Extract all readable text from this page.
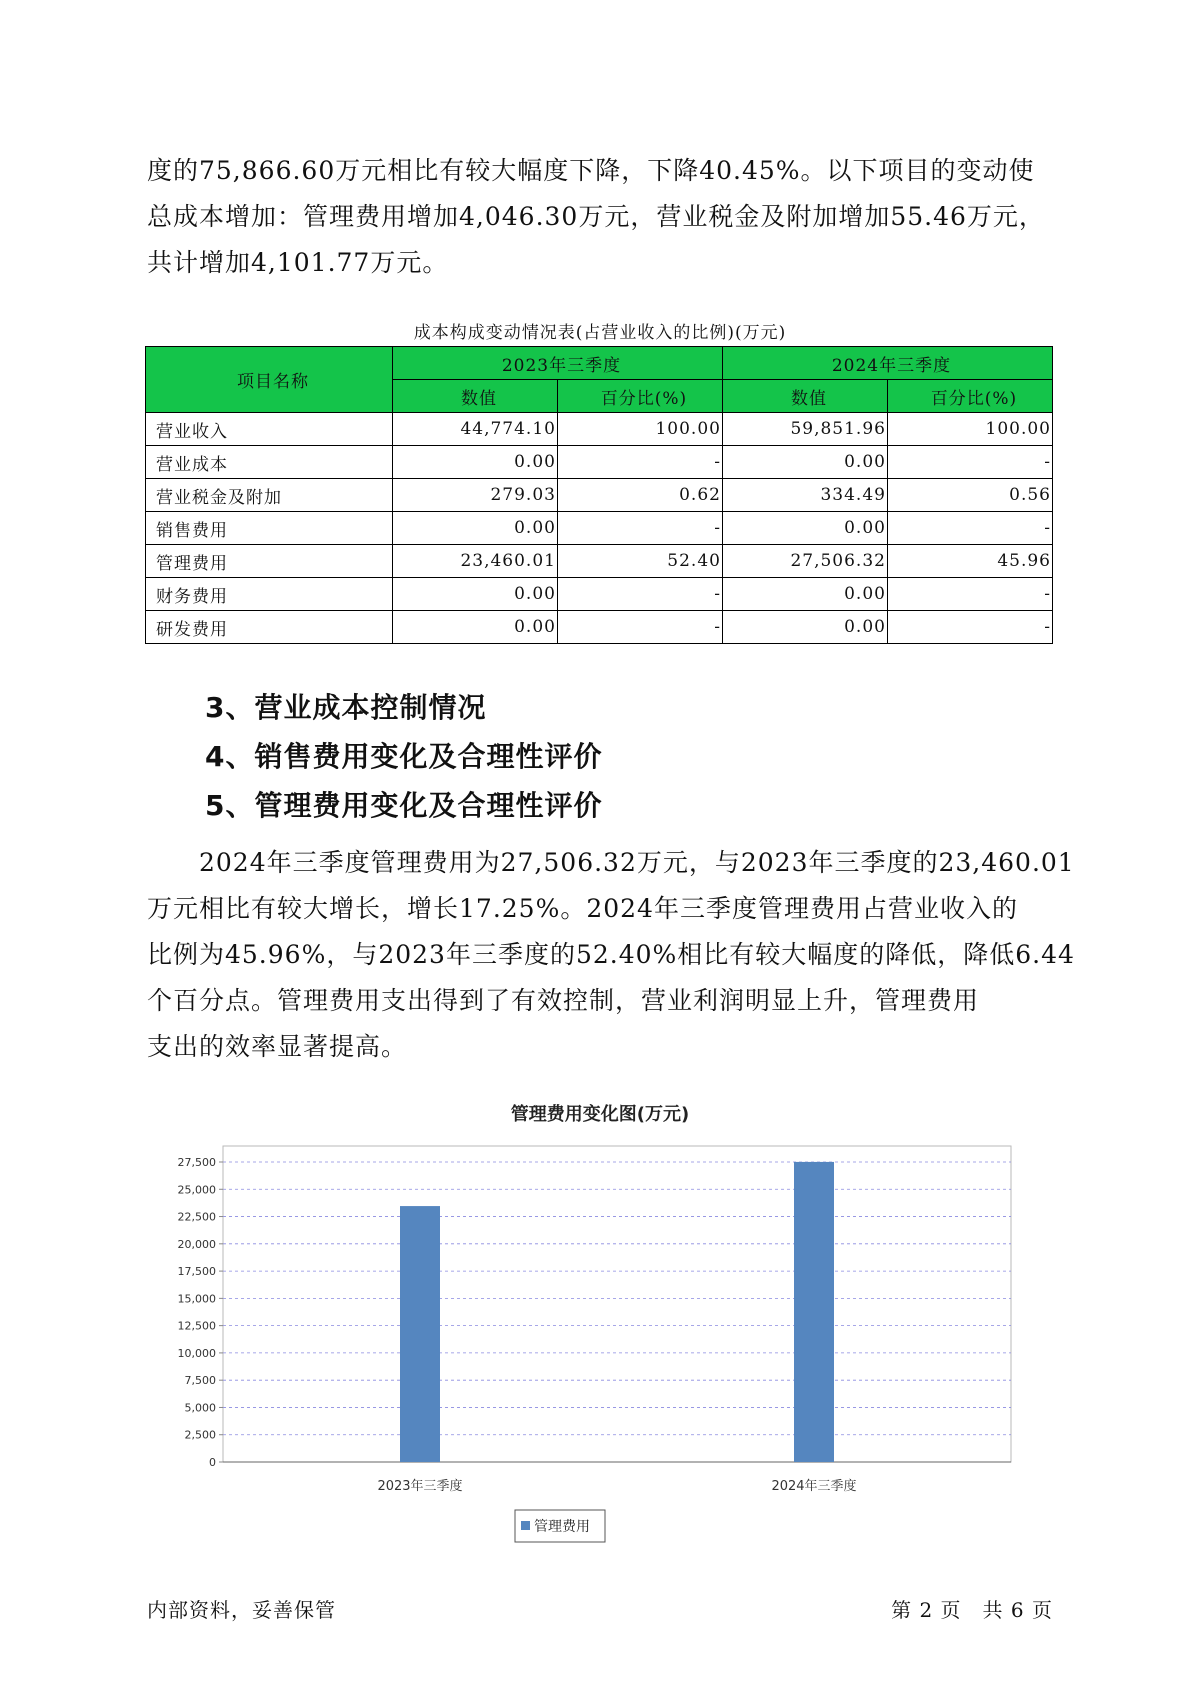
度的75,866.60万元相比有较大幅度下降，下降40.45%。以下项目的变动使

总成本增加：管理费用增加4,046.30万元，营业税金及附加增加55.46万元，

共计增加4,101.77万元。

成本构成变动情况表(占营业收入的比例)(万元)
项目名称	2023年三季度		2024年三季度	
	数值	百分比(%)	数值	百分比(%)
营业收入	44,774.10	100.00	59,851.96	100.00
营业成本	0.00	-	0.00	-
营业税金及附加	279.03	0.62	334.49	0.56
销售费用	0.00	-	0.00	-
管理费用	23,460.01	52.40	27,506.32	45.96
财务费用	0.00	-	0.00	-
研发费用	0.00	-	0.00	-
3、营业成本控制情况
4、销售费用变化及合理性评价
5、管理费用变化及合理性评价

　　2024年三季度管理费用为27,506.32万元，与2023年三季度的23,460.01

万元相比有较大增长，增长17.25%。2024年三季度管理费用占营业收入的

比例为45.96%，与2023年三季度的52.40%相比有较大幅度的降低，降低6.44

个百分点。管理费用支出得到了有效控制，营业利润明显上升，管理费用

支出的效率显著提高。

管理费用变化图(万元)
0
2,500
5,000
7,500
10,000
12,500
15,000
17,500
20,000
22,500
25,000
27,500
2023年三季度	2024年三季度
管理费用
内部资料，妥善保管	第 2 页　共 6 页
